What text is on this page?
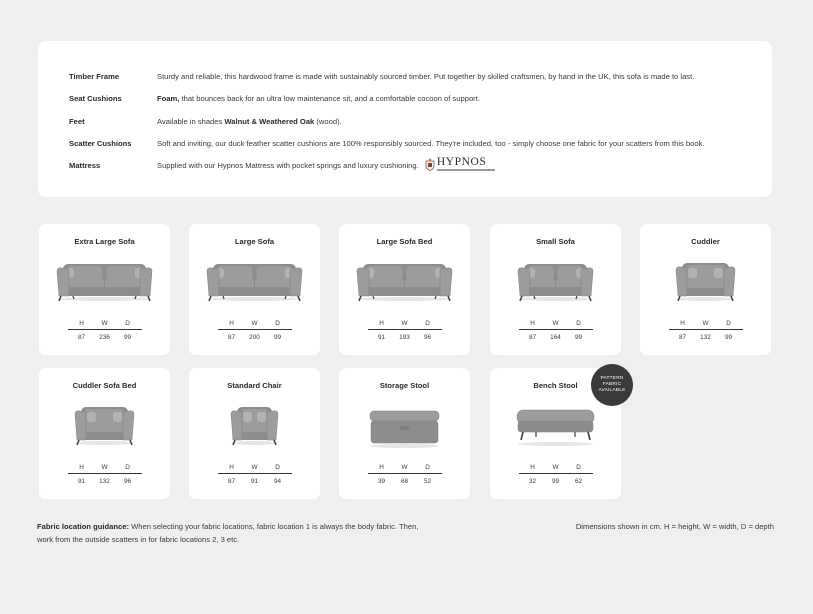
Timber Frame	Sturdy and reliable, this hardwood frame is made with sustainably sourced timber. Put together by skilled craftsmen, by hand in the UK, this sofa is made to last.
Seat Cushions	Foam, that bounces back for an ultra low maintenance sit, and a comfortable cocoon of support.
Feet	Available in shades Walnut & Weathered Oak (wood).
Scatter Cushions	Soft and inviting, our duck feather scatter cushions are 100% responsibly sourced. They're included, too - simply choose one fabric for your scatters from this book.
Mattress	Supplied with our Hypnos Mattress with pocket springs and luxury cushioning. HYPNOS
Extra Large Sofa
H	W	D
87	236	99
Large Sofa
H	W	D
87	200	99
Large Sofa Bed
H	W	D
91	193	96
Small Sofa
H	W	D
87	164	99
Cuddler
H	W	D
87	132	99
Cuddler Sofa Bed
H	W	D
91	132	96
Standard Chair
H	W	D
87	91	94
Storage Stool
H	W	D
39	68	52
Bench Stool
H	W	D
32	99	62
PATTERN
FABRIC
AVAILABLE
Fabric location guidance: When selecting your fabric locations, fabric location 1 is always the body fabric. Then,
work from the outside scatters in for fabric locations 2, 3 etc.
Dimensions shown in cm. H = height, W = width, D = depth
